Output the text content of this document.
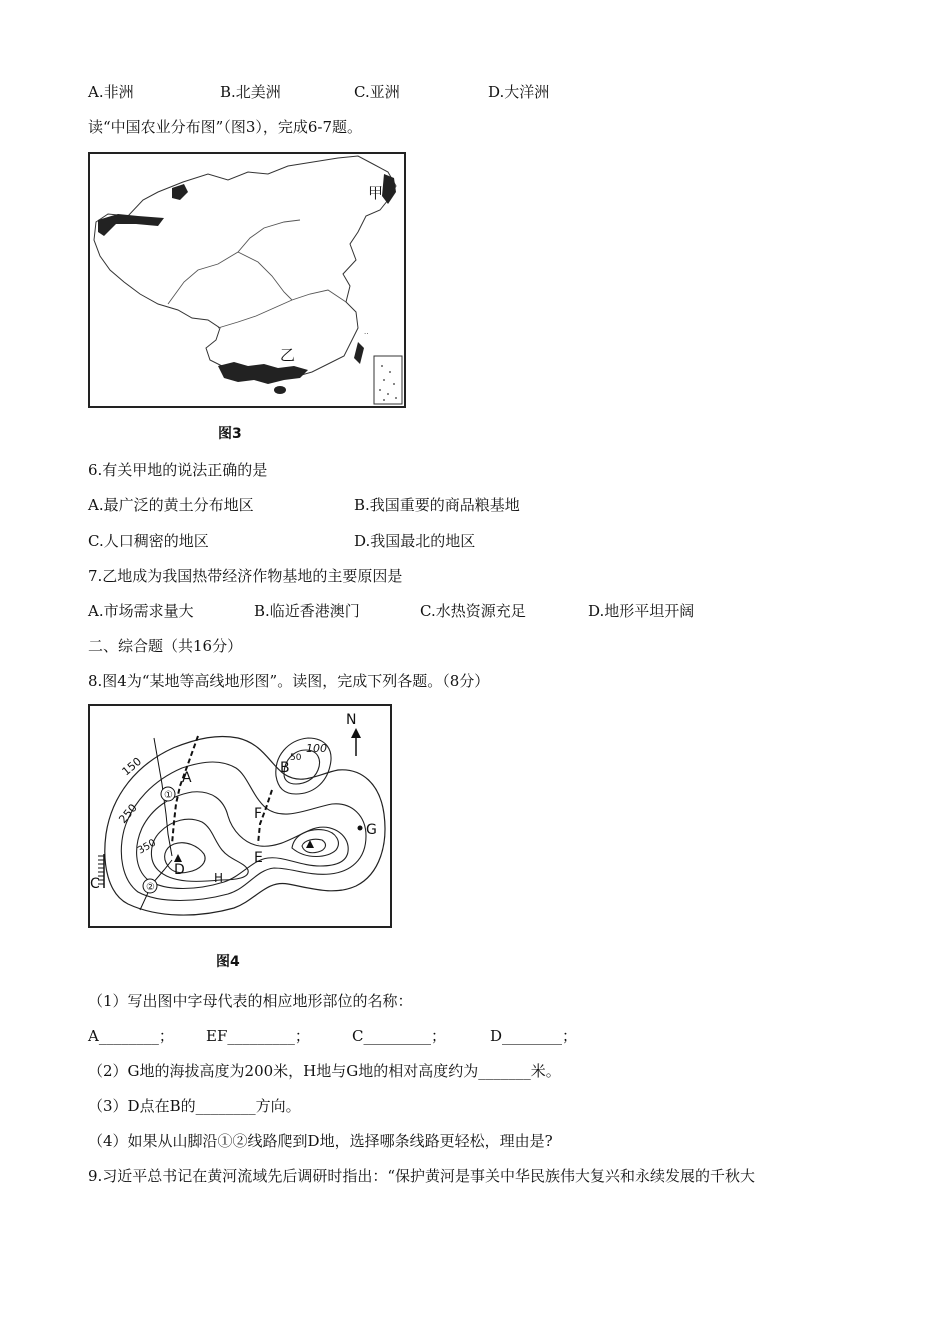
A.非洲	B.北美洲	C.亚洲	D.大洋洲
读“中国农业分布图”（图3），完成6-7题。
··
甲
乙
图3
6.有关甲地的说法正确的是
A.最广泛的黄土分布地区	B.我国重要的商品粮基地
C.人口稠密的地区	D.我国最北的地区
7.乙地成为我国热带经济作物基地的主要原因是
A.市场需求量大	B.临近香港澳门	C.水热资源充足	D.地形平坦开阔
二、综合题（共16分）
8.图4为“某地等高线地形图”。读图，完成下列各题。（8分）
N
150
250
350
100
50
A
B
C
D
E
F
G
H
①
②
图4
（1）写出图中字母代表的相应地形部位的名称：
A________； EF_________；	C_________；	D________；
（2）G地的海拔高度为200米，H地与G地的相对高度约为_______米。
（3）D点在B的________方向。
（4）如果从山脚沿①②线路爬到D地，选择哪条线路更轻松，理由是?
9.习近平总书记在黄河流域先后调研时指出：“保护黄河是事关中华民族伟大复兴和永续发展的千秋大
